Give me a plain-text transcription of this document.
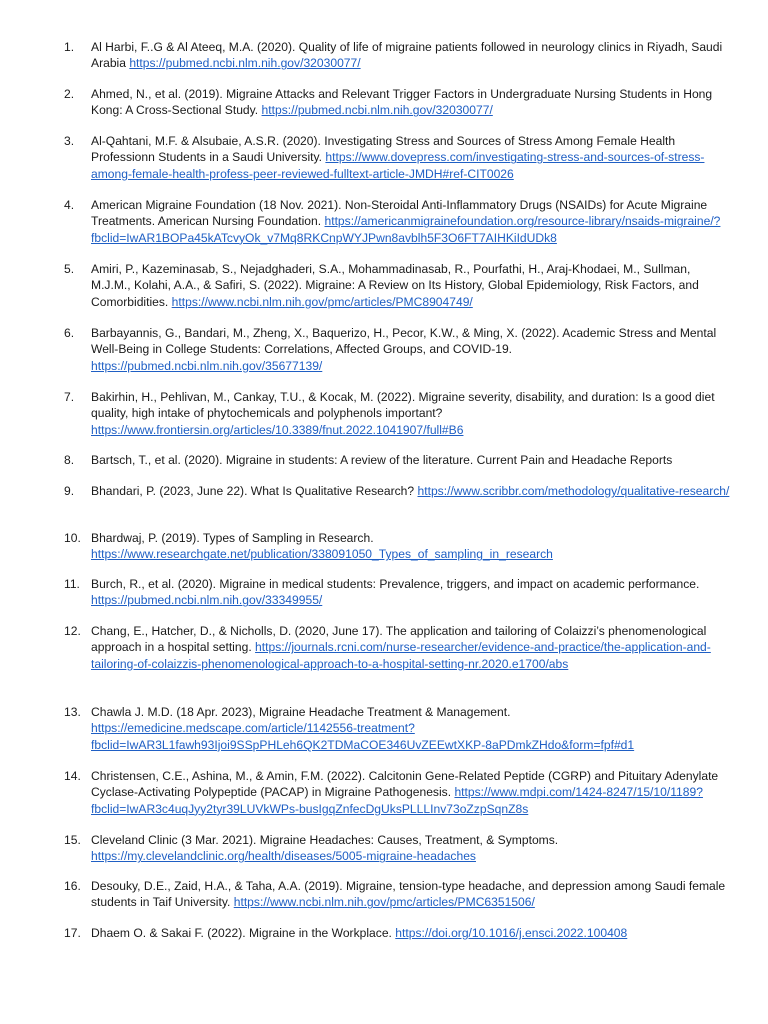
1.	Al Harbi, F..G & Al Ateeq, M.A. (2020). Quality of life of migraine patients followed in neurology clinics in Riyadh, Saudi Arabia https://pubmed.ncbi.nlm.nih.gov/32030077/
2.	Ahmed, N., et al. (2019). Migraine Attacks and Relevant Trigger Factors in Undergraduate Nursing Students in Hong Kong: A Cross-Sectional Study. https://pubmed.ncbi.nlm.nih.gov/32030077/
3.	Al-Qahtani, M.F. & Alsubaie, A.S.R. (2020). Investigating Stress and Sources of Stress Among Female Health Professionn Students in a Saudi University. https://www.dovepress.com/investigating-stress-and-sources-of-stress-among-female-health-profess-peer-reviewed-fulltext-article-JMDH#ref-CIT0026
4.	American Migraine Foundation (18 Nov. 2021). Non-Steroidal Anti-Inflammatory Drugs (NSAIDs) for Acute Migraine Treatments. American Nursing Foundation. https://americanmigrainefoundation.org/resource-library/nsaids-migraine/?fbclid=IwAR1BOPa45kATcvyOk_v7Mq8RKCnpWYJPwn8avblh5F3O6FT7AIHKiIdUDk8
5.	Amiri, P., Kazeminasab, S., Nejadghaderi, S.A., Mohammadinasab, R., Pourfathi, H., Araj-Khodaei, M., Sullman, M.J.M., Kolahi, A.A., & Safiri, S. (2022). Migraine: A Review on Its History, Global Epidemiology, Risk Factors, and Comorbidities. https://www.ncbi.nlm.nih.gov/pmc/articles/PMC8904749/
6.	Barbayannis, G., Bandari, M., Zheng, X., Baquerizo, H., Pecor, K.W., & Ming, X. (2022). Academic Stress and Mental Well-Being in College Students: Correlations, Affected Groups, and COVID-19. https://pubmed.ncbi.nlm.nih.gov/35677139/
7.	Bakirhin, H., Pehlivan, M., Cankay, T.U., & Kocak, M. (2022). Migraine severity, disability, and duration: Is a good diet quality, high intake of phytochemicals and polyphenols important? https://www.frontiersin.org/articles/10.3389/fnut.2022.1041907/full#B6
8.	Bartsch, T., et al. (2020). Migraine in students: A review of the literature. Current Pain and Headache Reports
9.	Bhandari, P. (2023, June 22). What Is Qualitative Research? https://www.scribbr.com/methodology/qualitative-research/
10. Bhardwaj, P. (2019). Types of Sampling in Research. https://www.researchgate.net/publication/338091050_Types_of_sampling_in_research
11. Burch, R., et al. (2020). Migraine in medical students: Prevalence, triggers, and impact on academic performance. https://pubmed.ncbi.nlm.nih.gov/33349955/
12. Chang, E., Hatcher, D., & Nicholls, D. (2020, June 17). The application and tailoring of Colaizzi’s phenomenological approach in a hospital setting. https://journals.rcni.com/nurse-researcher/evidence-and-practice/the-application-and-tailoring-of-colaizzis-phenomenological-approach-to-a-hospital-setting-nr.2020.e1700/abs
13. Chawla J. M.D. (18 Apr. 2023), Migraine Headache Treatment & Management. https://emedicine.medscape.com/article/1142556-treatment?fbclid=IwAR3L1fawh93Ijoi9SSpPHLeh6QK2TDMaCOE346UvZEEwtXKP-8aPDmkZHdo&form=fpf#d1
14. Christensen, C.E., Ashina, M., & Amin, F.M. (2022). Calcitonin Gene-Related Peptide (CGRP) and Pituitary Adenylate Cyclase-Activating Polypeptide (PACAP) in Migraine Pathogenesis. https://www.mdpi.com/1424-8247/15/10/1189?fbclid=IwAR3c4uqJyy2tyr39LUVkWPs-busIgqZnfecDgUksPLLLInv73oZzpSqnZ8s
15. Cleveland Clinic (3 Mar. 2021). Migraine Headaches: Causes, Treatment, & Symptoms. https://my.clevelandclinic.org/health/diseases/5005-migraine-headaches
16. Desouky, D.E., Zaid, H.A., & Taha, A.A. (2019). Migraine, tension-type headache, and depression among Saudi female students in Taif University. https://www.ncbi.nlm.nih.gov/pmc/articles/PMC6351506/
17. Dhaem O. & Sakai F. (2022). Migraine in the Workplace. https://doi.org/10.1016/j.ensci.2022.100408
